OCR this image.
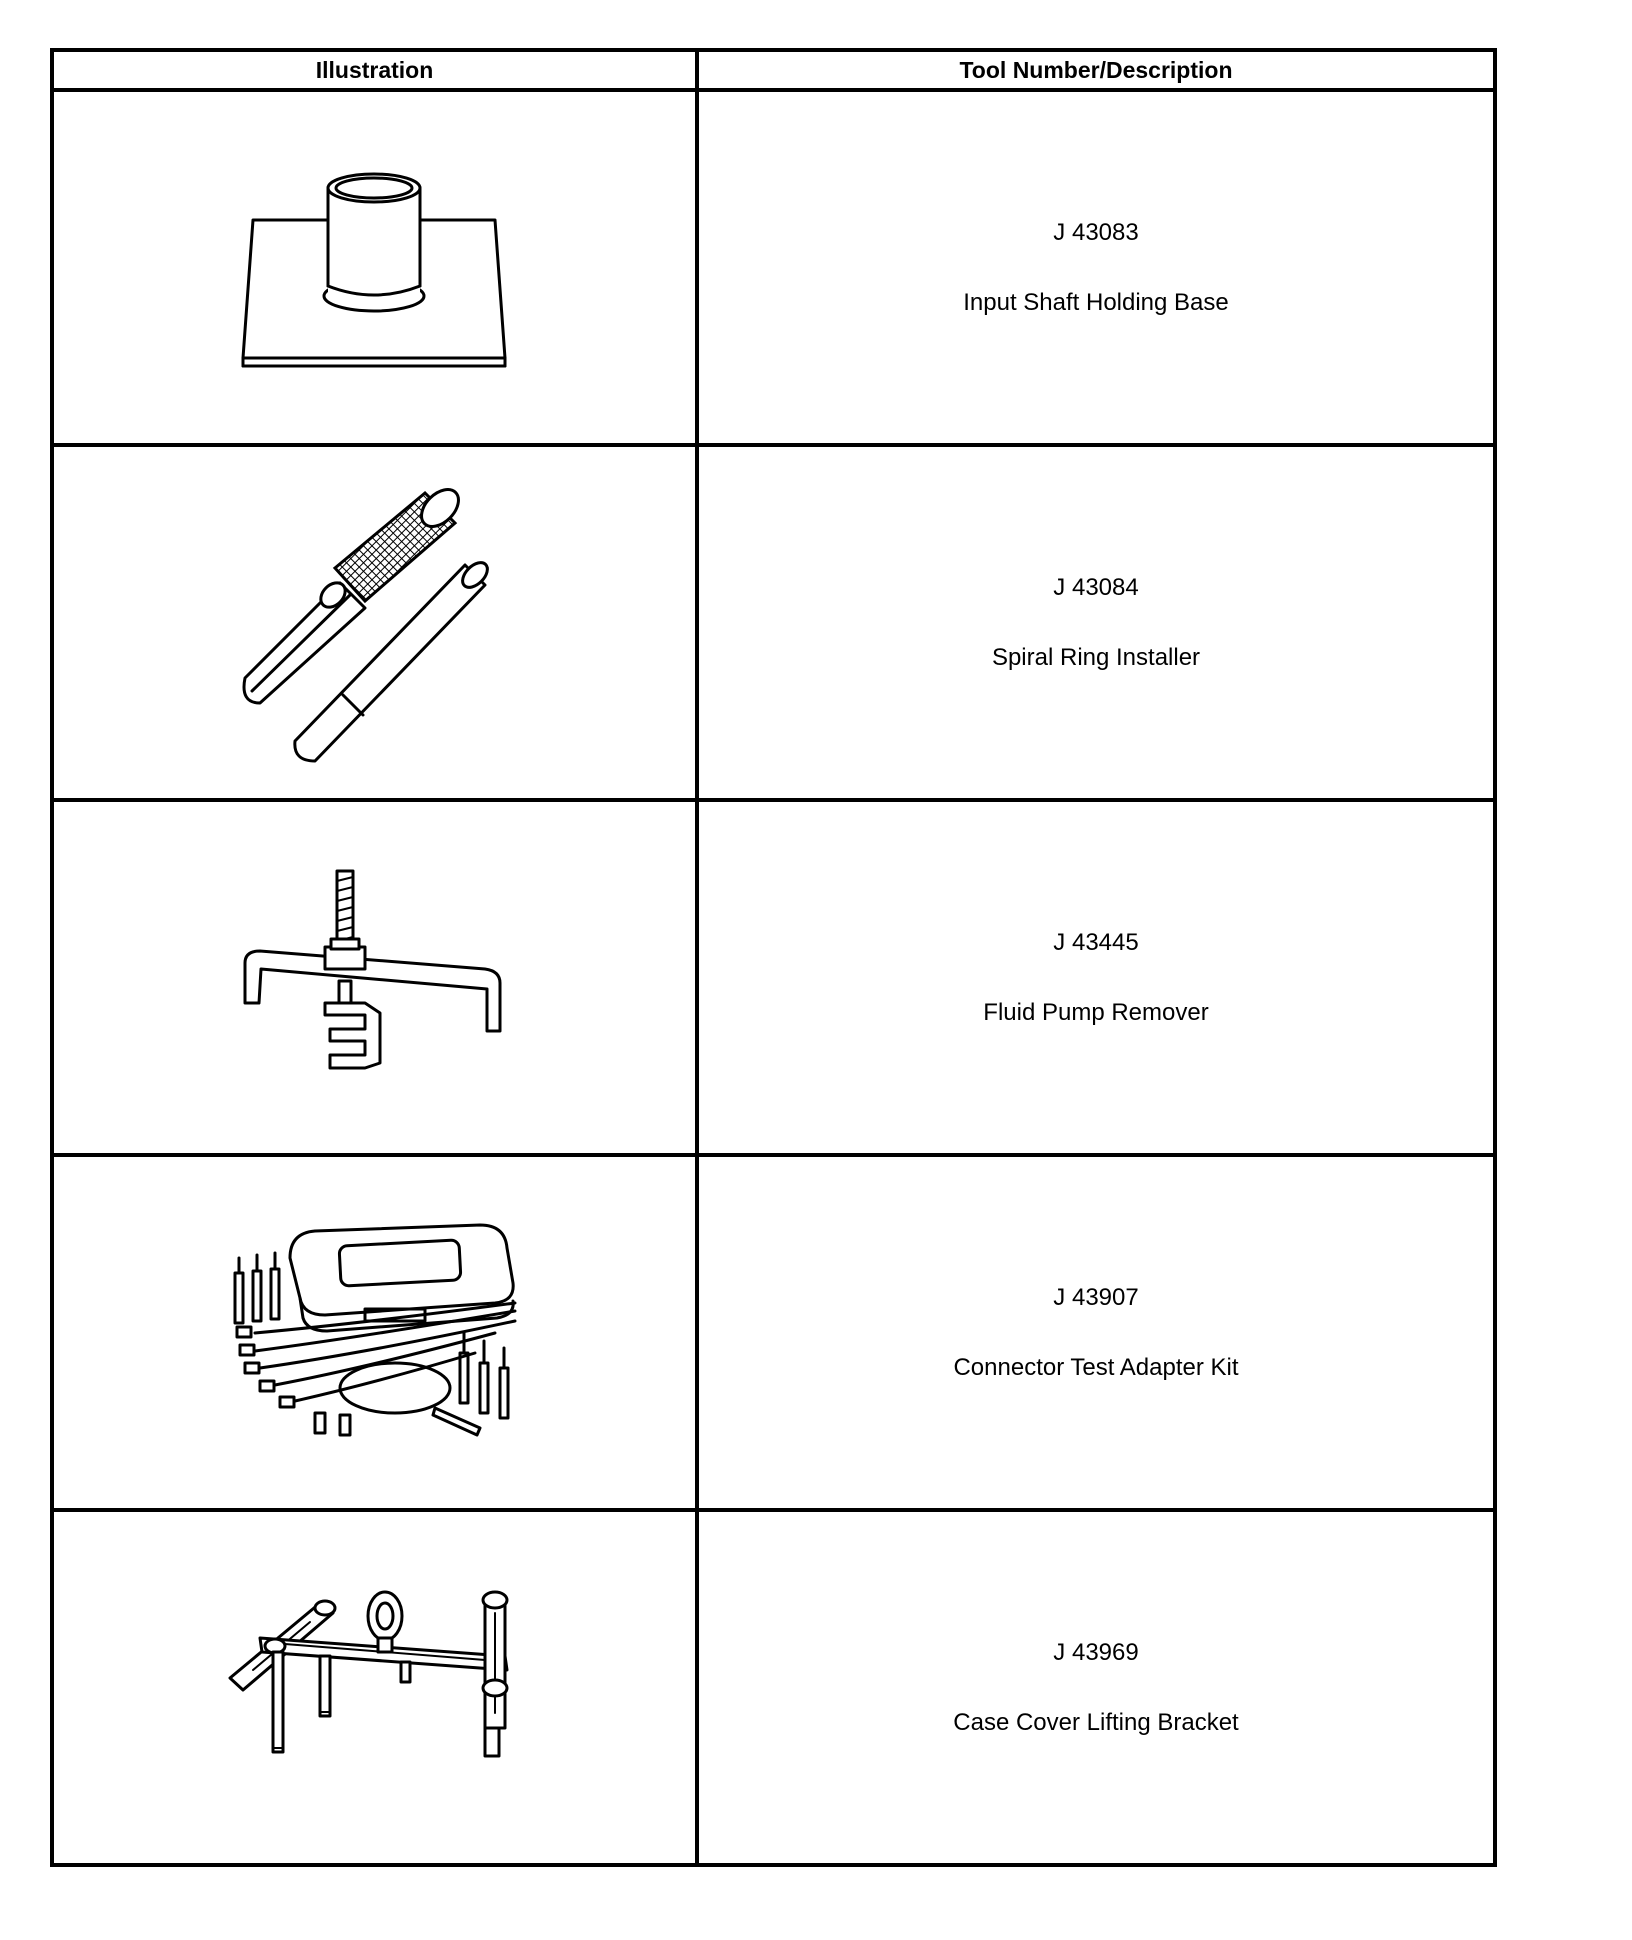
Illustration	Tool Number/Description

J 43083
Input Shaft Holding Base

J 43084
Spiral Ring Installer

J 43445
Fluid Pump Remover

J 43907
Connector Test Adapter Kit

J 43969
Case Cover Lifting Bracket
